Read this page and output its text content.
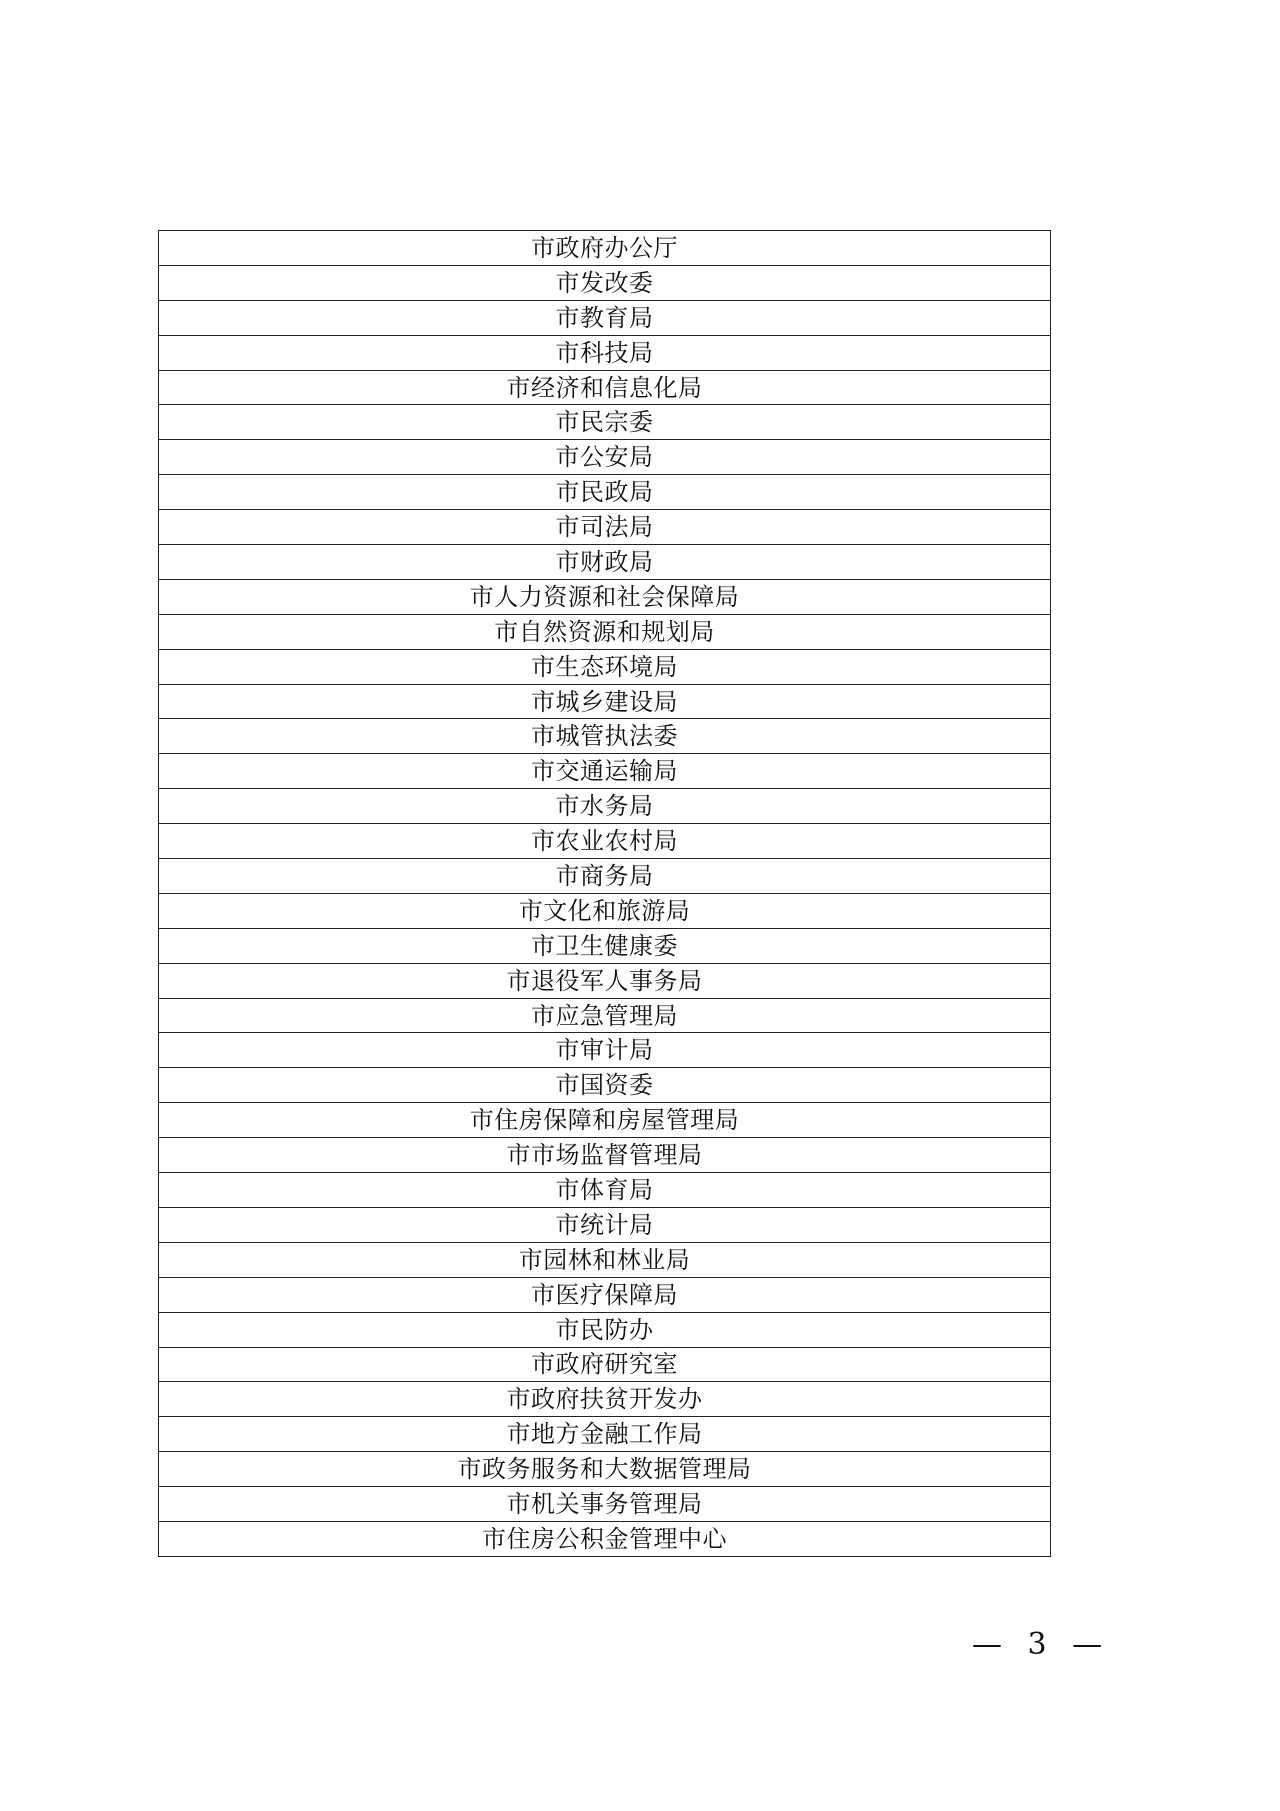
市政府办公厅
市发改委
市教育局
市科技局
市经济和信息化局
市民宗委
市公安局
市民政局
市司法局
市财政局
市人力资源和社会保障局
市自然资源和规划局
市生态环境局
市城乡建设局
市城管执法委
市交通运输局
市水务局
市农业农村局
市商务局
市文化和旅游局
市卫生健康委
市退役军人事务局
市应急管理局
市审计局
市国资委
市住房保障和房屋管理局
市市场监督管理局
市体育局
市统计局
市园林和林业局
市医疗保障局
市民防办
市政府研究室
市政府扶贫开发办
市地方金融工作局
市政务服务和大数据管理局
市机关事务管理局
市住房公积金管理中心
— 3 —
